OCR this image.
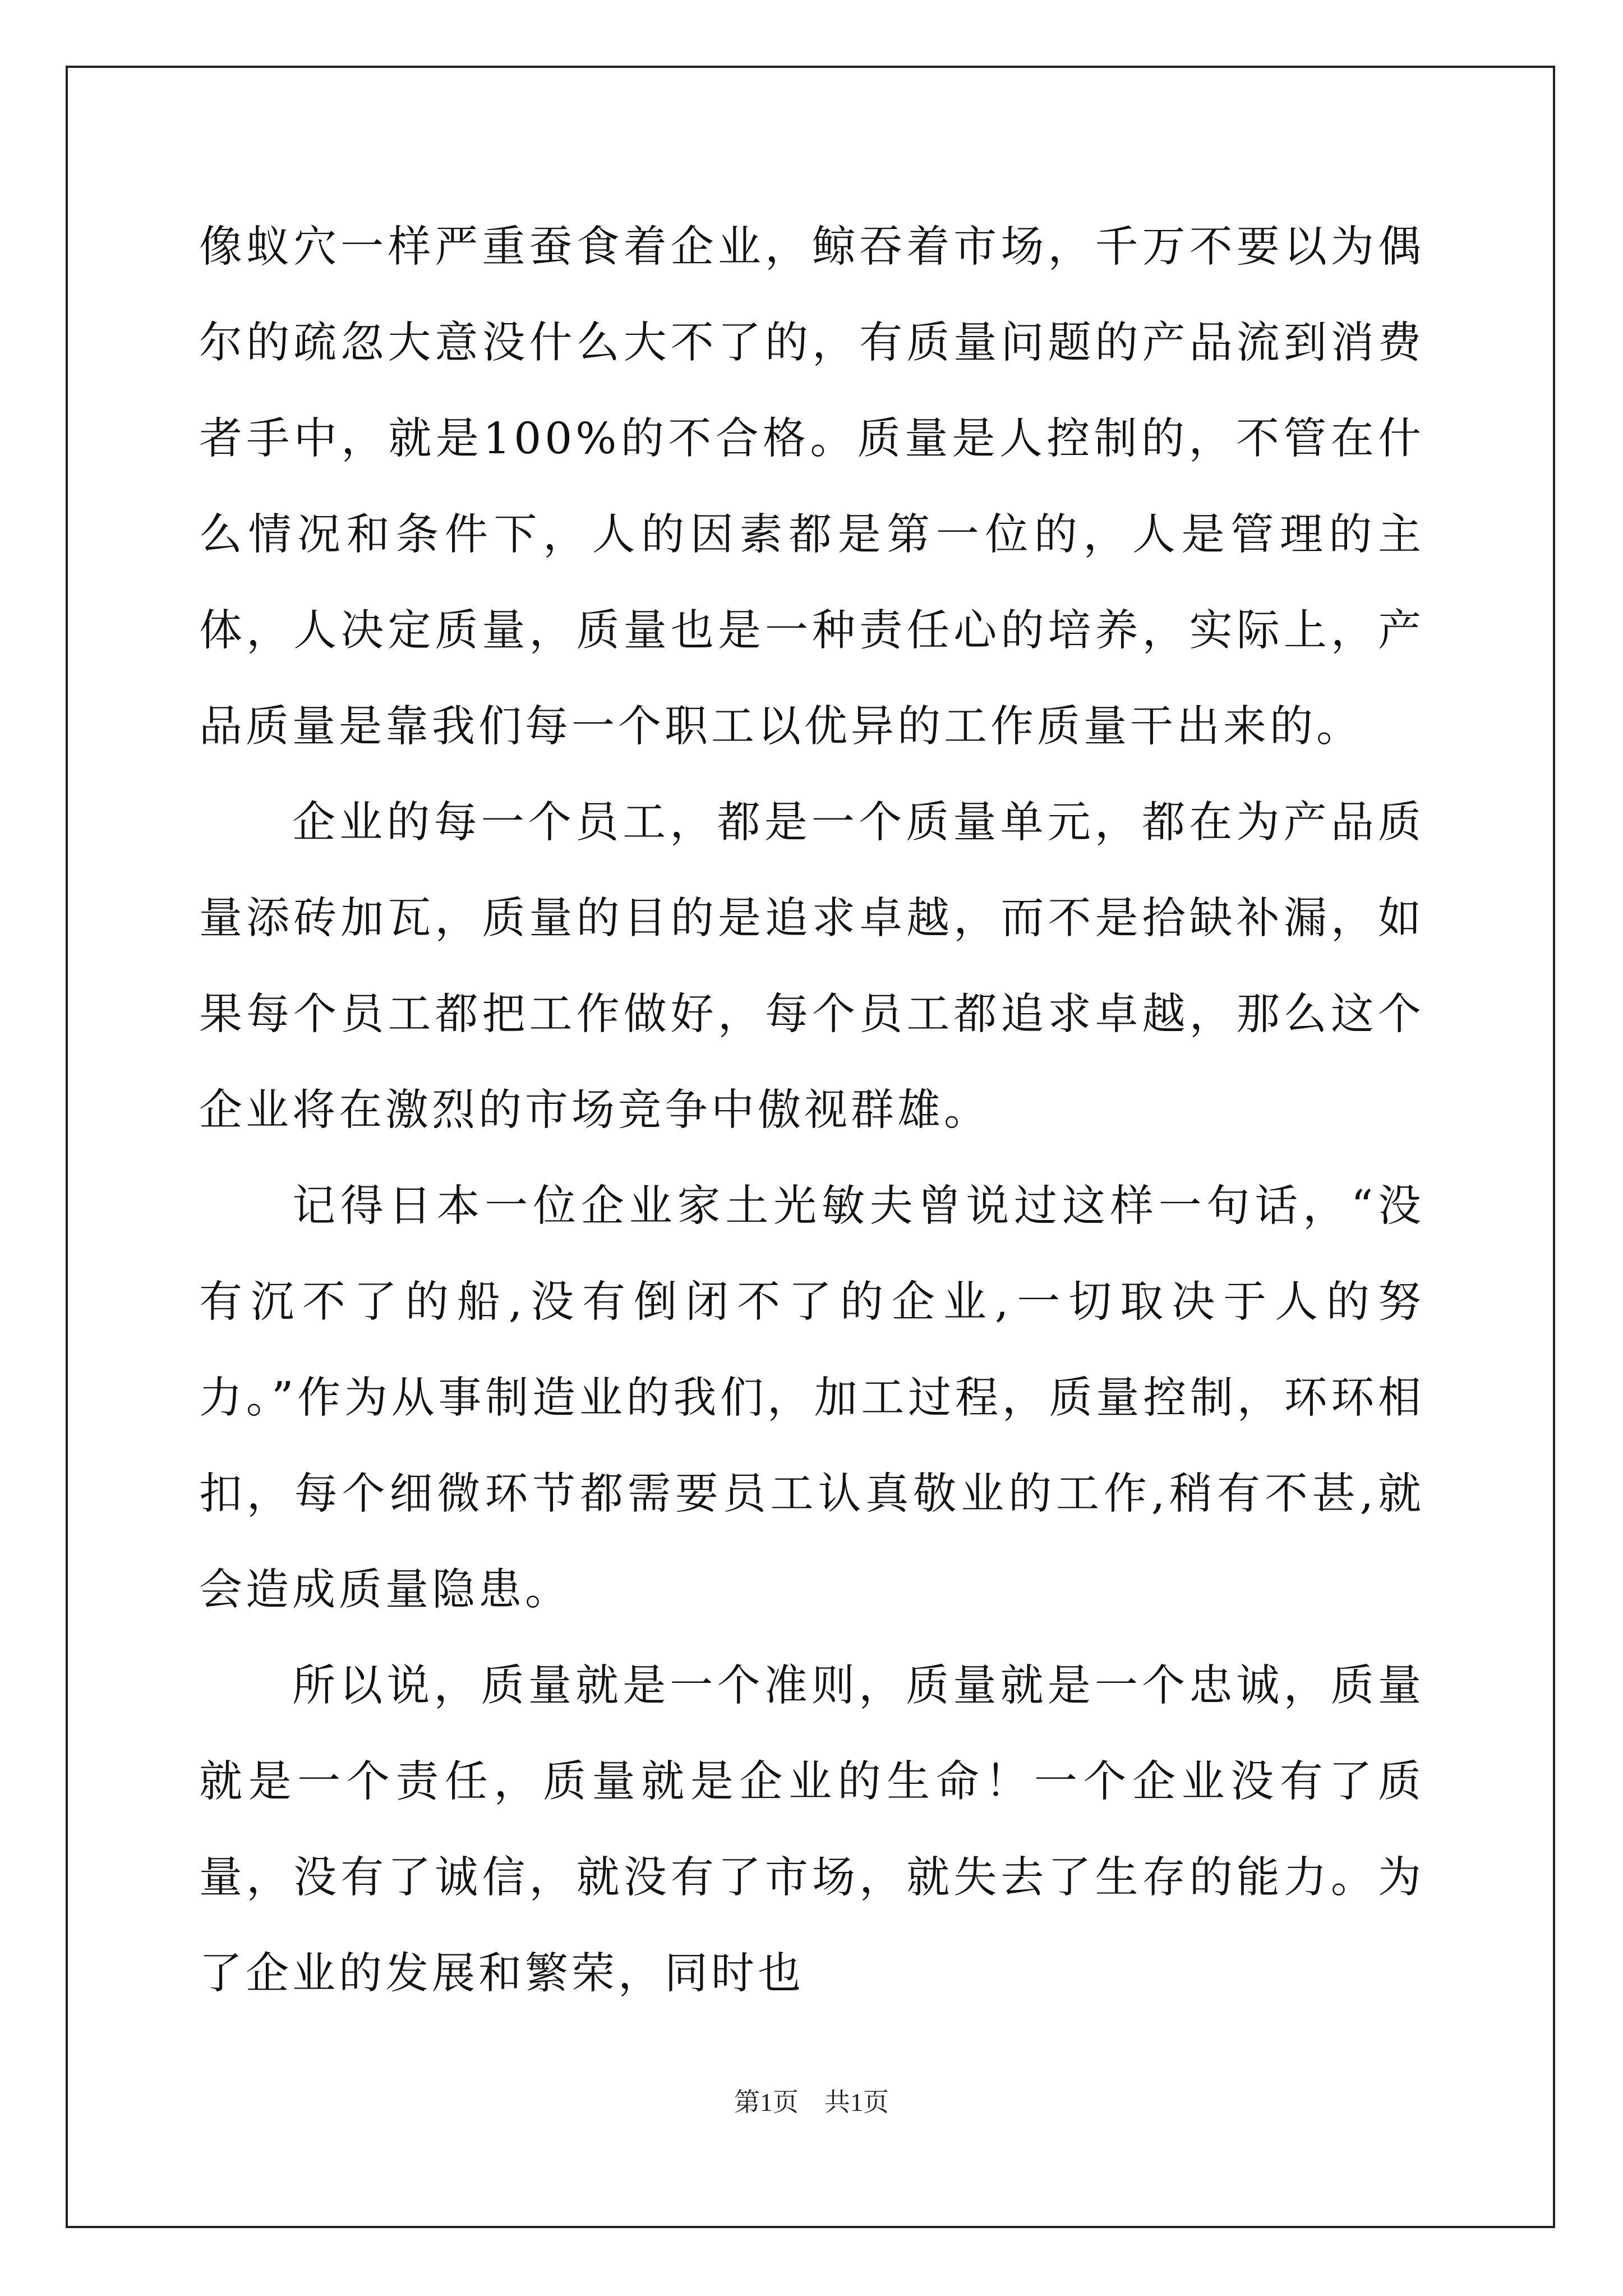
像蚁穴一样严重蚕食着企业，鲸吞着市场，千万不要以为偶尔的疏忽大意没什么大不了的，有质量问题的产品流到消费者手中，就是100%的不合格。质量是人控制的，不管在什么情况和条件下，人的因素都是第一位的，人是管理的主体，人决定质量，质量也是一种责任心的培养，实际上，产品质量是靠我们每一个职工以优异的工作质量干出来的。

企业的每一个员工，都是一个质量单元，都在为产品质量添砖加瓦，质量的目的是追求卓越，而不是拾缺补漏，如果每个员工都把工作做好，每个员工都追求卓越，那么这个企业将在激烈的市场竞争中傲视群雄。

记得日本一位企业家土光敏夫曾说过这样一句话，“没有沉不了的船,没有倒闭不了的企业,一切取决于人的努力。”作为从事制造业的我们，加工过程，质量控制，环环相扣，每个细微环节都需要员工认真敬业的工作,稍有不甚,就会造成质量隐患。

所以说，质量就是一个准则，质量就是一个忠诚，质量就是一个责任，质量就是企业的生命！一个企业没有了质量，没有了诚信，就没有了市场，就失去了生存的能力。为了企业的发展和繁荣，同时也

第1页　共1页
